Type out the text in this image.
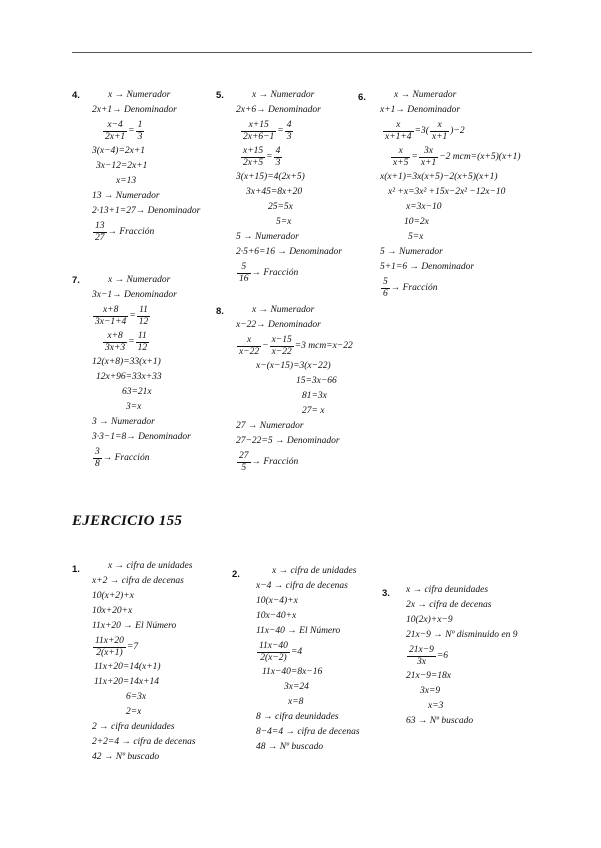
EJERCICIO 155
4.	x → Numerador
2x+1→ Denominador
$\frac{x-4}{2x+1} = \frac{1}{3}$
3(x−4)=2x+1
3x−12=2x+1
x=13
13 → Numerador
2·13+1=27→ Denominador
$\frac{13}{27}$ → Fracción
5.	x → Numerador
2x+6→ Denominador
$\frac{x+15}{2x+6-1} = \frac{4}{3}$
$\frac{x+15}{2x+5} = \frac{4}{3}$
3(x+15)=4(2x+5)
3x+45=8x+20
25=5x
5=x
5 → Numerador
2·5+6=16 → Denominador
$\frac{5}{16}$ → Fracción
6.	x → Numerador
x+1→ Denominador
$\frac{x}{x+1+4} =3( \frac{x}{x+1} )-2$
$\frac{x}{x+5} = \frac{3x}{x+1} -2$ mcm=(x+5)(x+1)
x(x+1)=3x(x+5)−2(x+5)(x+1)
x² +x=3x² +15x−2x² −12x−10
x=3x−10
10=2x
5=x
5 → Numerador
5+1=6 → Denominador
$\frac{5}{6}$ → Fracción
7.	x → Numerador
3x−1→ Denominador
$\frac{x+8}{3x-1+4} = \frac{11}{12}$
$\frac{x+8}{3x+3} = \frac{11}{12}$
12(x+8)=33(x+1)
12x+96=33x+33
63=21x
3=x
3 → Numerador
3·3−1=8→ Denominador
$\frac{3}{8}$ → Fracción
8.	x → Numerador
x−22→ Denominador
$\frac{x}{x-22} - \frac{x-15}{x-22} =3$ mcm=x−22
x−(x−15)=3(x−22)
15=3x−66
81=3x
27= x
27 → Numerador
27−22=5 → Denominador
$\frac{27}{5}$ → Fracción
1.	x → cifra de unidades
x+2 → cifra de decenas
10(x+2)+x
10x+20+x
11x+20 → El Número
$\frac{11x+20}{2(x+1)} =7$
11x+20=14(x+1)
11x+20=14x+14
6=3x
2=x
2 → cifra deunidades
2+2=4 → cifra de decenas
42 → Nº buscado
2.	x → cifra de unidades
x−4 → cifra de decenas
10(x−4)+x
10x−40+x
11x−40 → El Número
$\frac{11x-40}{2(x-2)} =4$
11x−40=8x−16
3x=24
x=8
8 → cifra deunidades
8−4=4 → cifra de decenas
48 → Nº buscado
3.	x → cifra deunidades
2x → cifra de decenas
10(2x)+x−9
21x−9 → Nº disminuido en 9
$\frac{21x-9}{3x} =6$
21x−9=18x
3x=9
x=3
63 → Nº buscado
